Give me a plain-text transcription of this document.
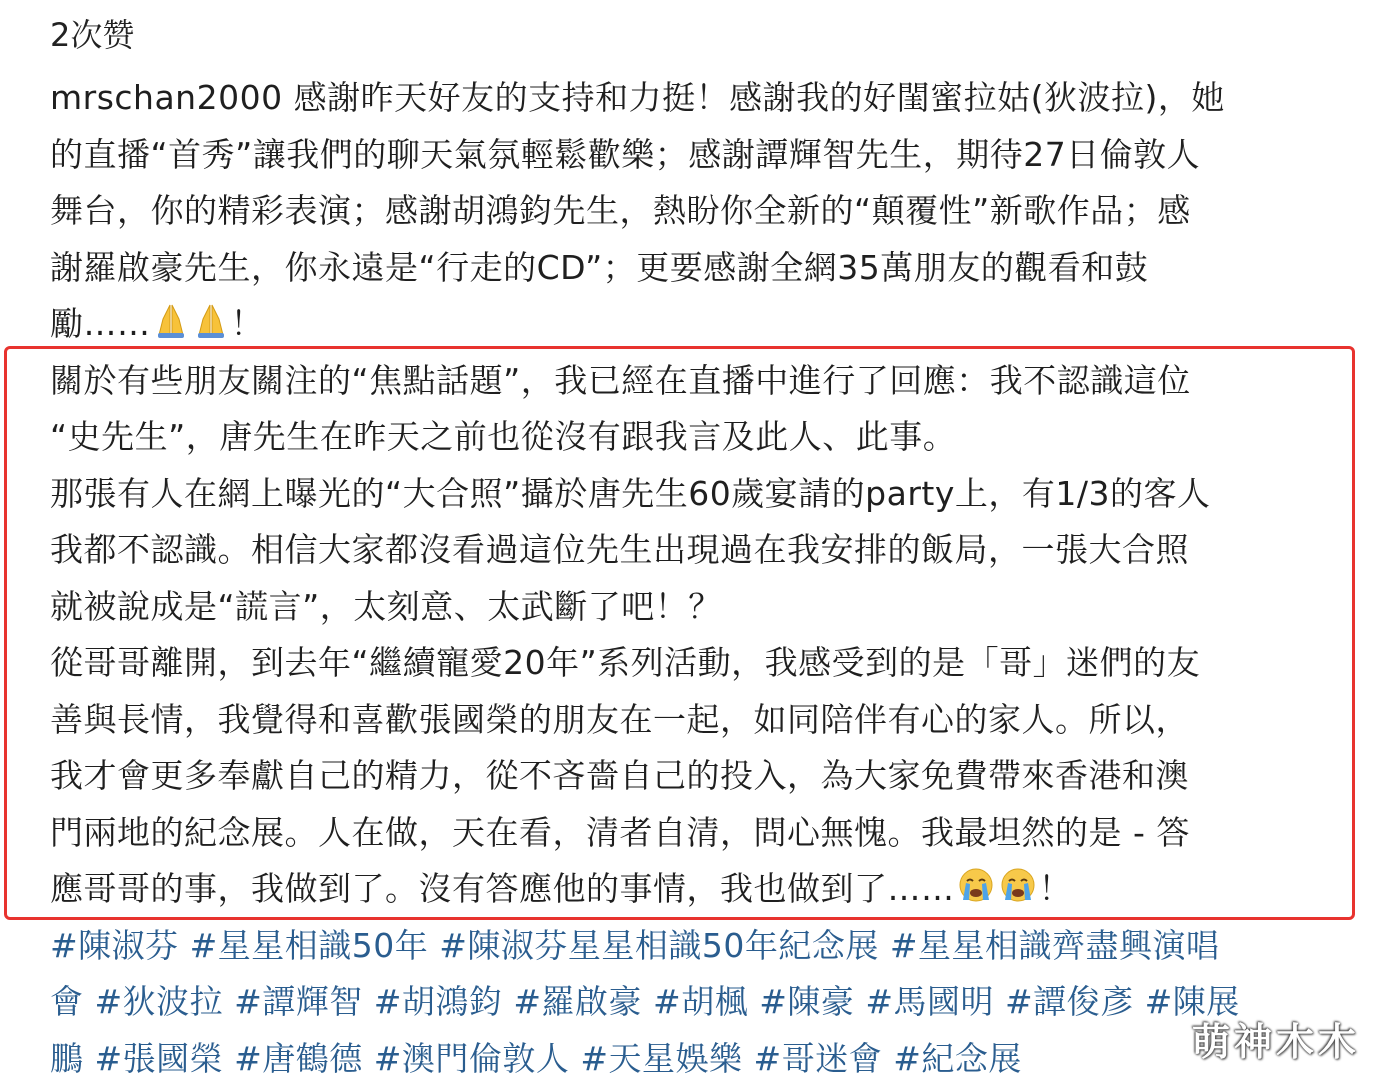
2次赞
mrschan2000 感謝昨天好友的支持和力挺！感謝我的好閨蜜拉姑(狄波拉)，她
的直播“首秀”讓我們的聊天氣氛輕鬆歡樂；感謝譚輝智先生，期待27日倫敦人
舞台，你的精彩表演；感謝胡鴻鈞先生，熱盼你全新的“顛覆性”新歌作品；感
謝羅啟豪先生，你永遠是“行走的CD”；更要感謝全網35萬朋友的觀看和鼓
勵…… ！
關於有些朋友關注的“焦點話題”，我已經在直播中進行了回應：我不認識這位
“史先生”，唐先生在昨天之前也從沒有跟我言及此人、此事。
那張有人在網上曝光的“大合照”攝於唐先生60歲宴請的party上，有1/3的客人
我都不認識。相信大家都沒看過這位先生出現過在我安排的飯局，一張大合照
就被說成是“謊言”，太刻意、太武斷了吧！？
從哥哥離開，到去年“繼續寵愛20年”系列活動，我感受到的是「哥」迷們的友
善與長情，我覺得和喜歡張國榮的朋友在一起，如同陪伴有心的家人。所以，
我才會更多奉獻自己的精力，從不吝嗇自己的投入，為大家免費帶來香港和澳
門兩地的紀念展。人在做，天在看，清者自清，問心無愧。我最坦然的是 - 答
應哥哥的事，我做到了。沒有答應他的事情，我也做到了……	！
#陳淑芬 #星星相識50年 #陳淑芬星星相識50年紀念展 #星星相識齊盡興演唱
會 #狄波拉 #譚輝智 #胡鴻鈞 #羅啟豪 #胡楓 #陳豪 #馬國明 #譚俊彥 #陳展
鵬 #張國榮 #唐鶴德 #澳門倫敦人 #天星娛樂 #哥迷會 #紀念展	萌神木木
